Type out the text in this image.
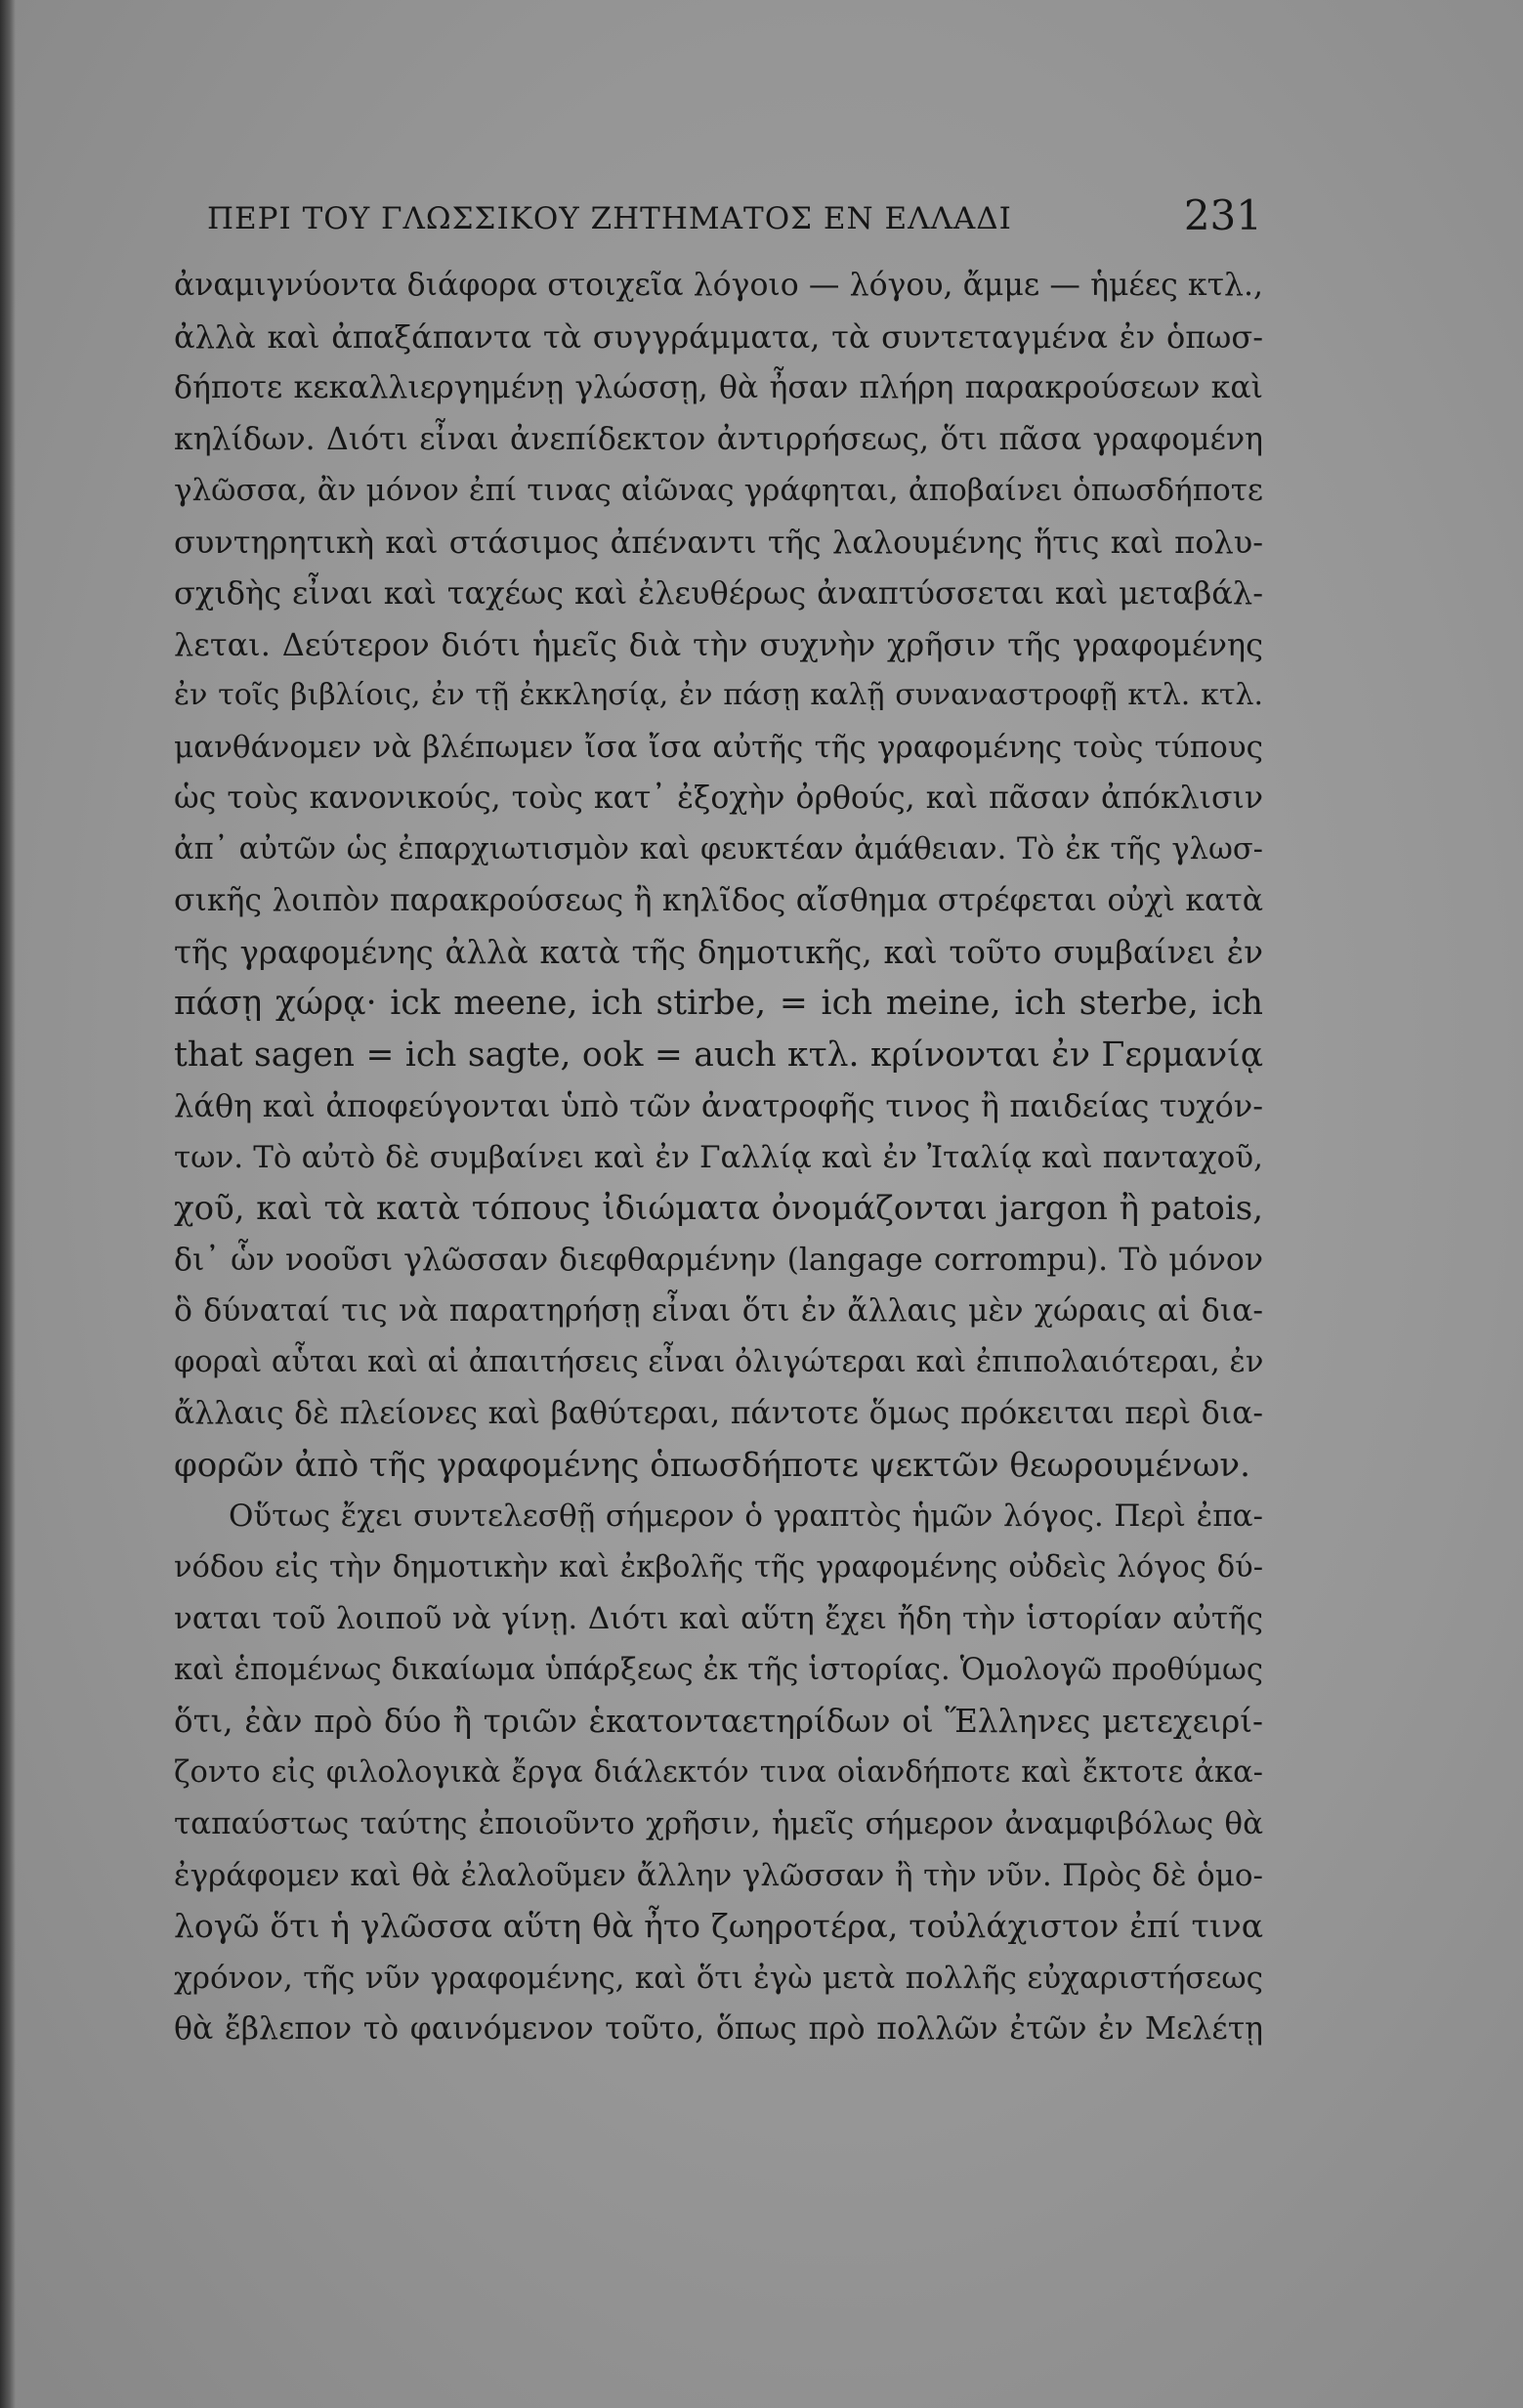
ΠΕΡΙ ΤΟΥ ΓΛΩΣΣΙΚΟΥ ΖΗΤΗΜΑΤΟΣ ΕΝ ΕΛΛΑΔΙ	231
ἀναμιγνύοντα διάφορα στοιχεῖα λόγοιο — λόγου, ἄμμε — ἡμέες κτλ.,
ἀλλὰ καὶ ἀπαξάπαντα τὰ συγγράμματα, τὰ συντεταγμένα ἐν ὁπωσ-
δήποτε κεκαλλιεργημένῃ γλώσσῃ, θὰ ἦσαν πλήρη παρακρούσεων καὶ
κηλίδων. Διότι εἶναι ἀνεπίδεκτον ἀντιρρήσεως, ὅτι πᾶσα γραφομένη
γλῶσσα, ἂν μόνον ἐπί τινας αἰῶνας γράφηται, ἀποβαίνει ὁπωσδήποτε
συντηρητικὴ καὶ στάσιμος ἀπέναντι τῆς λαλουμένης ἥτις καὶ πολυ-
σχιδὴς εἶναι καὶ ταχέως καὶ ἐλευθέρως ἀναπτύσσεται καὶ μεταβάλ-
λεται. Δεύτερον διότι ἡμεῖς διὰ τὴν συχνὴν χρῆσιν τῆς γραφομένης
ἐν τοῖς βιβλίοις, ἐν τῇ ἐκκλησίᾳ, ἐν πάσῃ καλῇ συναναστροφῇ κτλ. κτλ.
μανθάνομεν νὰ βλέπωμεν ἴσα ἴσα αὐτῆς τῆς γραφομένης τοὺς τύπους
ὡς τοὺς κανονικούς, τοὺς κατ᾽ ἐξοχὴν ὀρθούς, καὶ πᾶσαν ἀπόκλισιν
ἀπ᾽ αὐτῶν ὡς ἐπαρχιωτισμὸν καὶ φευκτέαν ἀμάθειαν. Τὸ ἐκ τῆς γλωσ-
σικῆς λοιπὸν παρακρούσεως ἢ κηλῖδος αἴσθημα στρέφεται οὐχὶ κατὰ
τῆς γραφομένης ἀλλὰ κατὰ τῆς δημοτικῆς, καὶ τοῦτο συμβαίνει ἐν
πάσῃ χώρᾳ· ick meene, ich stirbe, = ich meine, ich sterbe, ich
that sagen = ich sagte, ook = auch κτλ. κρίνονται ἐν Γερμανίᾳ
λάθη καὶ ἀποφεύγονται ὑπὸ τῶν ἀνατροφῆς τινος ἢ παιδείας τυχόν-
των. Τὸ αὐτὸ δὲ συμβαίνει καὶ ἐν Γαλλίᾳ καὶ ἐν Ἰταλίᾳ καὶ πανταχοῦ,
χοῦ, καὶ τὰ κατὰ τόπους ἰδιώματα ὀνομάζονται jargon ἢ patois,
δι᾽ ὧν νοοῦσι γλῶσσαν διεφθαρμένην (langage corrompu). Τὸ μόνον
ὃ δύναταί τις νὰ παρατηρήσῃ εἶναι ὅτι ἐν ἄλλαις μὲν χώραις αἱ δια-
φοραὶ αὗται καὶ αἱ ἀπαιτήσεις εἶναι ὀλιγώτεραι καὶ ἐπιπολαιότεραι, ἐν
ἄλλαις δὲ πλείονες καὶ βαθύτεραι, πάντοτε ὅμως πρόκειται περὶ δια-
φορῶν ἀπὸ τῆς γραφομένης ὁπωσδήποτε ψεκτῶν θεωρουμένων.
Οὕτως ἔχει συντελεσθῇ σήμερον ὁ γραπτὸς ἡμῶν λόγος. Περὶ ἐπα-
νόδου εἰς τὴν δημοτικὴν καὶ ἐκβολῆς τῆς γραφομένης οὐδεὶς λόγος δύ-
ναται τοῦ λοιποῦ νὰ γίνῃ. Διότι καὶ αὕτη ἔχει ἤδη τὴν ἱστορίαν αὐτῆς
καὶ ἑπομένως δικαίωμα ὑπάρξεως ἐκ τῆς ἱστορίας. Ὁμολογῶ προθύμως
ὅτι, ἐὰν πρὸ δύο ἢ τριῶν ἑκατονταετηρίδων οἱ Ἕλληνες μετεχειρί-
ζοντο εἰς φιλολογικὰ ἔργα διάλεκτόν τινα οἱανδήποτε καὶ ἔκτοτε ἀκα-
ταπαύστως ταύτης ἐποιοῦντο χρῆσιν, ἡμεῖς σήμερον ἀναμφιβόλως θὰ
ἐγράφομεν καὶ θὰ ἐλαλοῦμεν ἄλλην γλῶσσαν ἢ τὴν νῦν. Πρὸς δὲ ὁμο-
λογῶ ὅτι ἡ γλῶσσα αὕτη θὰ ἦτο ζωηροτέρα, τοὐλάχιστον ἐπί τινα
χρόνον, τῆς νῦν γραφομένης, καὶ ὅτι ἐγὼ μετὰ πολλῆς εὐχαριστήσεως
θὰ ἔβλεπον τὸ φαινόμενον τοῦτο, ὅπως πρὸ πολλῶν ἐτῶν ἐν Μελέτῃ
